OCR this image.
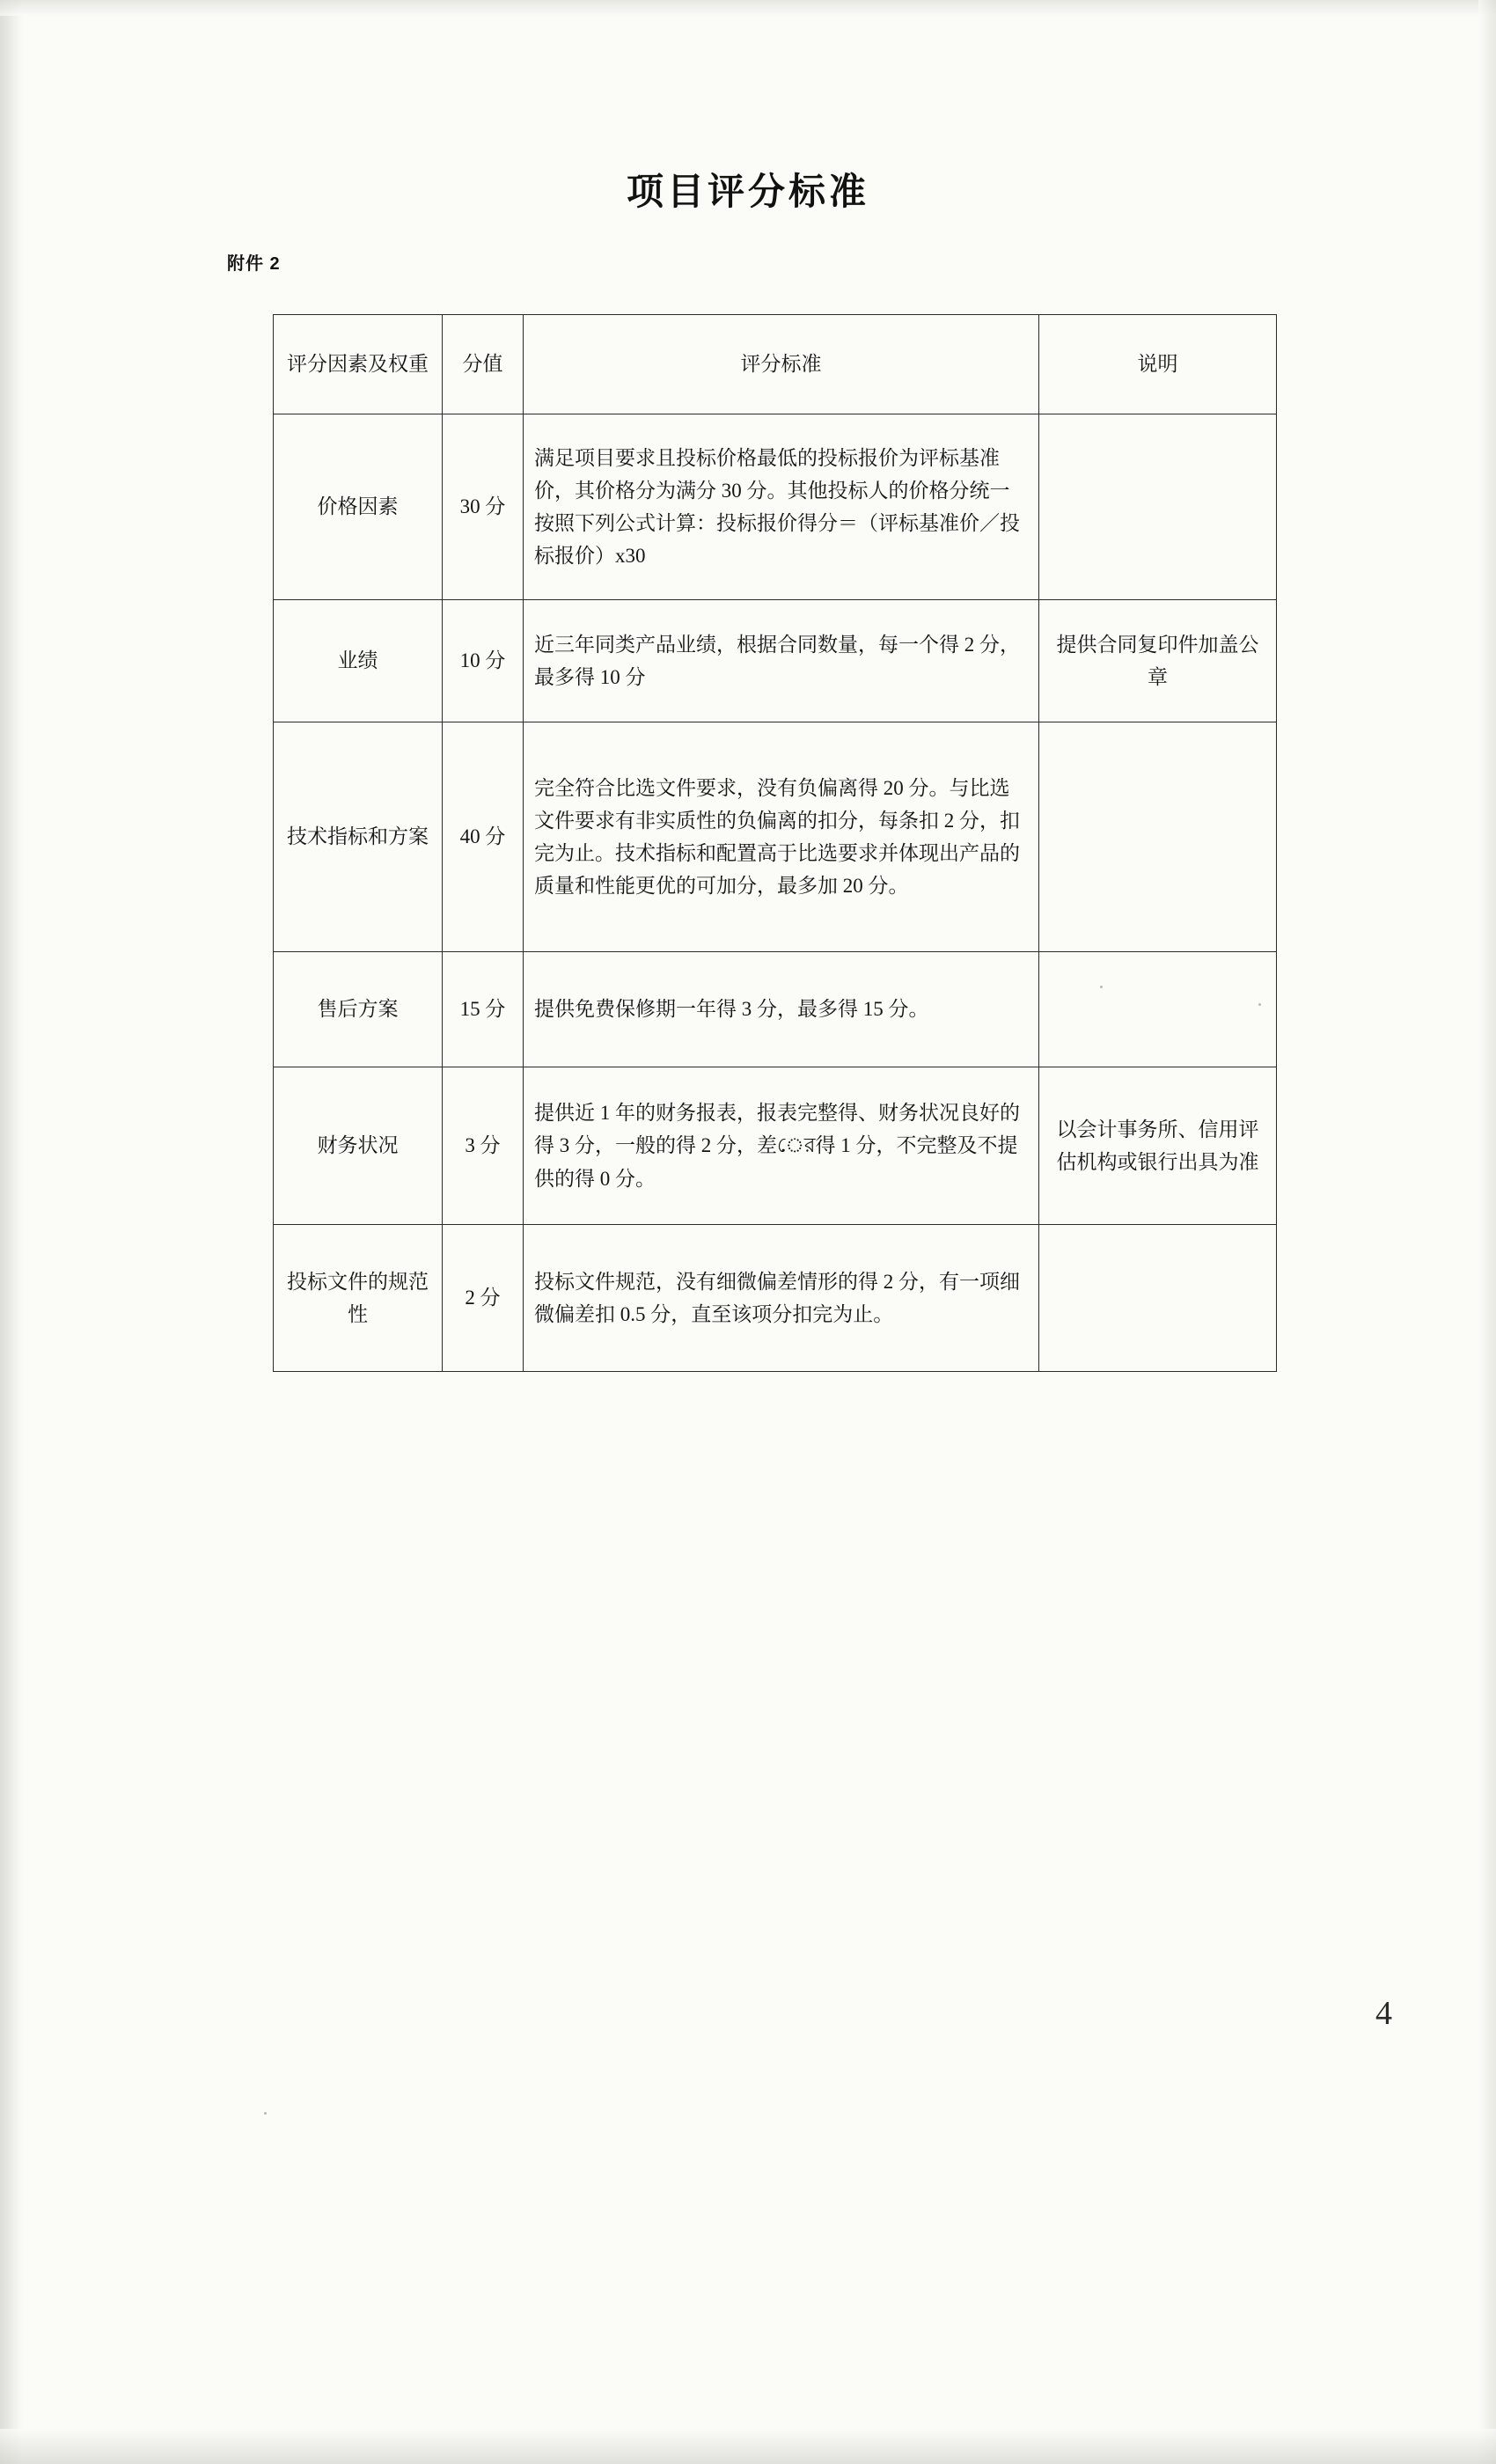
项目评分标准
附件 2
评分因素及权重	分值	评分标准	说明
价格因素	30 分	满足项目要求且投标价格最低的投标报价为评标基准价，其价格分为满分 30 分。其他投标人的价格分统一按照下列公式计算：投标报价得分＝（评标基准价／投标报价）x30	
业绩	10 分	近三年同类产品业绩，根据合同数量，每一个得 2 分，最多得 10 分	提供合同复印件加盖公章
技术指标和方案	40 分	完全符合比选文件要求，没有负偏离得 20 分。与比选文件要求有非实质性的负偏离的扣分，每条扣 2 分，扣完为止。技术指标和配置高于比选要求并体现出产品的质量和性能更优的可加分，最多加 20 分。	
售后方案	15 分	提供免费保修期一年得 3 分，最多得 15 分。	
财务状况	3 分	提供近 1 年的财务报表，报表完整得、财务状况良好的得 3 分，一般的得 2 分，差ের得 1 分，不完整及不提供的得 0 分。	以会计事务所、信用评估机构或银行出具为准
投标文件的规范性	2 分	投标文件规范，没有细微偏差情形的得 2 分，有一项细微偏差扣 0.5 分，直至该项分扣完为止。	
4
